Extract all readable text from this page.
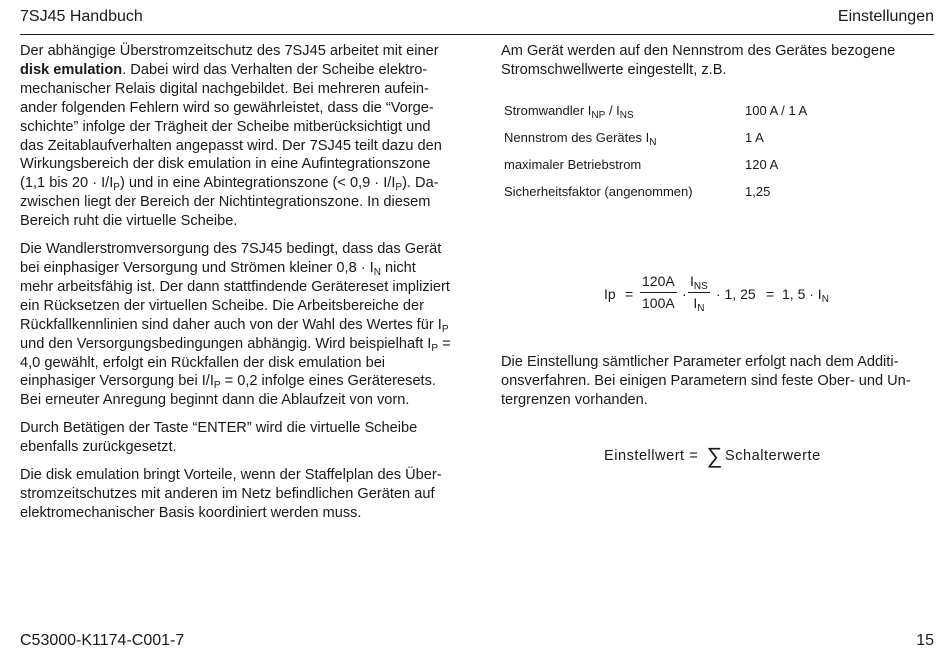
7SJ45 Handbuch	Einstellungen

Der abhängige Überstromzeitschutz des 7SJ45 arbeitet mit einer disk emulation. Dabei wird das Verhalten der Scheibe elektromechanischer Relais digital nachgebildet. Bei mehreren aufeinander folgenden Fehlern wird so gewährleistet, dass die “Vorgeschichte” infolge der Trägheit der Scheibe mitberücksichtigt und das Zeitablaufverhalten angepasst wird. Der 7SJ45 teilt dazu den Wirkungsbereich der disk emulation in eine Aufintegrationszone (1,1 bis $20 \cdot I/I_P$) und in eine Abintegrationszone (< $0,9 \cdot I/I_P$). Dazwischen liegt der Bereich der Nichtintegrationszone. In diesem Bereich ruht die virtuelle Scheibe.

Die Wandlerstromversorgung des 7SJ45 bedingt, dass das Gerät bei einphasiger Versorgung und Strömen kleiner $0,8 \cdot I_N$ nicht mehr arbeitsfähig ist. Der dann stattfindende Gerätereset impliziert ein Rücksetzen der virtuellen Scheibe. Die Arbeitsbereiche der Rückfallkennlinien sind daher auch von der Wahl des Wertes für $I_P$ und den Versorgungsbedingungen abhängig. Wird beispielhaft $I_P = 4,0$ gewählt, erfolgt ein Rückfallen der disk emulation bei einphasiger Versorgung bei $I/I_P = 0,2$ infolge eines Geräteresets. Bei erneuter Anregung beginnt dann die Ablaufzeit von vorn.

Durch Betätigen der Taste “ENTER” wird die virtuelle Scheibe ebenfalls zurückgesetzt.

Die disk emulation bringt Vorteile, wenn der Staffelplan des Überstromzeitschutzes mit anderen im Netz befindlichen Geräten auf elektromechanischer Basis koordiniert werden muss.

Am Gerät werden auf den Nennstrom des Gerätes bezogene Stromschwellwerte eingestellt, z.B.

Stromwandler $I_{NP} / I_{NS}$	100 A / 1 A
Nennstrom des Gerätes $I_N$	1 A
maximaler Betriebstrom	120 A
Sicherheitsfaktor (angenommen)	1,25
$Ip = \frac{120A}{100A}$ ·
$I_{NS}$
$I_N$
· 1, 25 = 1, $5 \cdot I_N$
Die Einstellung sämtlicher Parameter erfolgt nach dem Additionsverfahren. Bei einigen Parametern sind feste Ober- und Untergrenzen vorhanden.
Einstellwert = ∑ Schalterwerte
C53000-K1174-C001-7	15
